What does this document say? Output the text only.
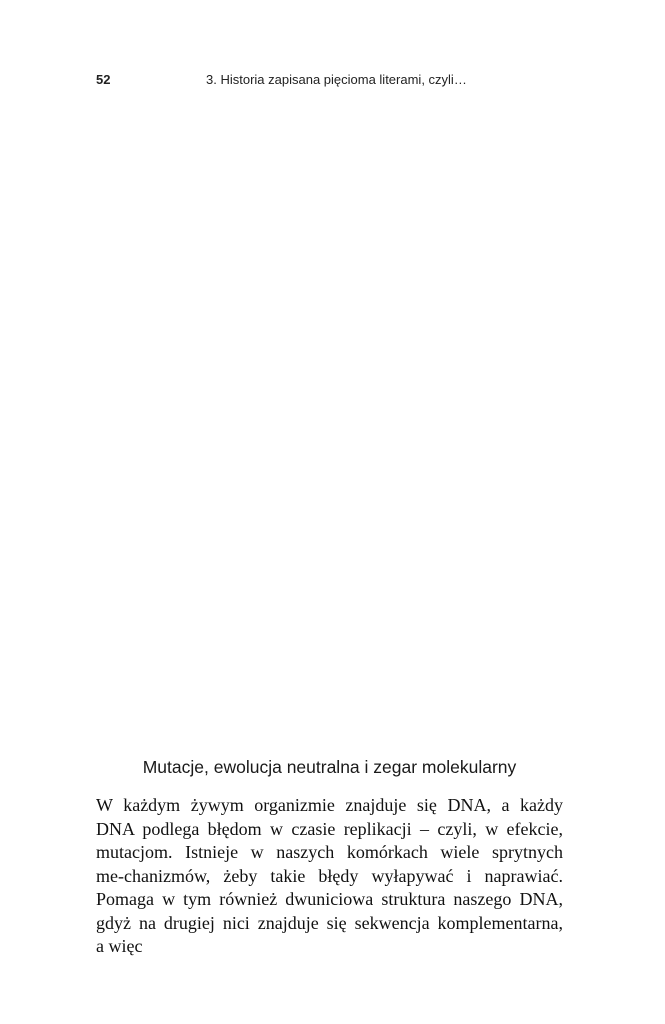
52	3. Historia zapisana pięcioma literami, czyli…
Mutacje, ewolucja neutralna i zegar molekularny
W każdym żywym organizmie znajduje się DNA, a każdy
DNA podlega błędom w czasie replikacji – czyli, w efekcie,
mutacjom. Istnieje w naszych komórkach wiele sprytnych
me-chanizmów, żeby takie błędy wyłapywać i naprawiać.
Pomaga w tym również dwuniciowa struktura naszego DNA,
gdyż na drugiej nici znajduje się sekwencja komplementarna,
a więc
